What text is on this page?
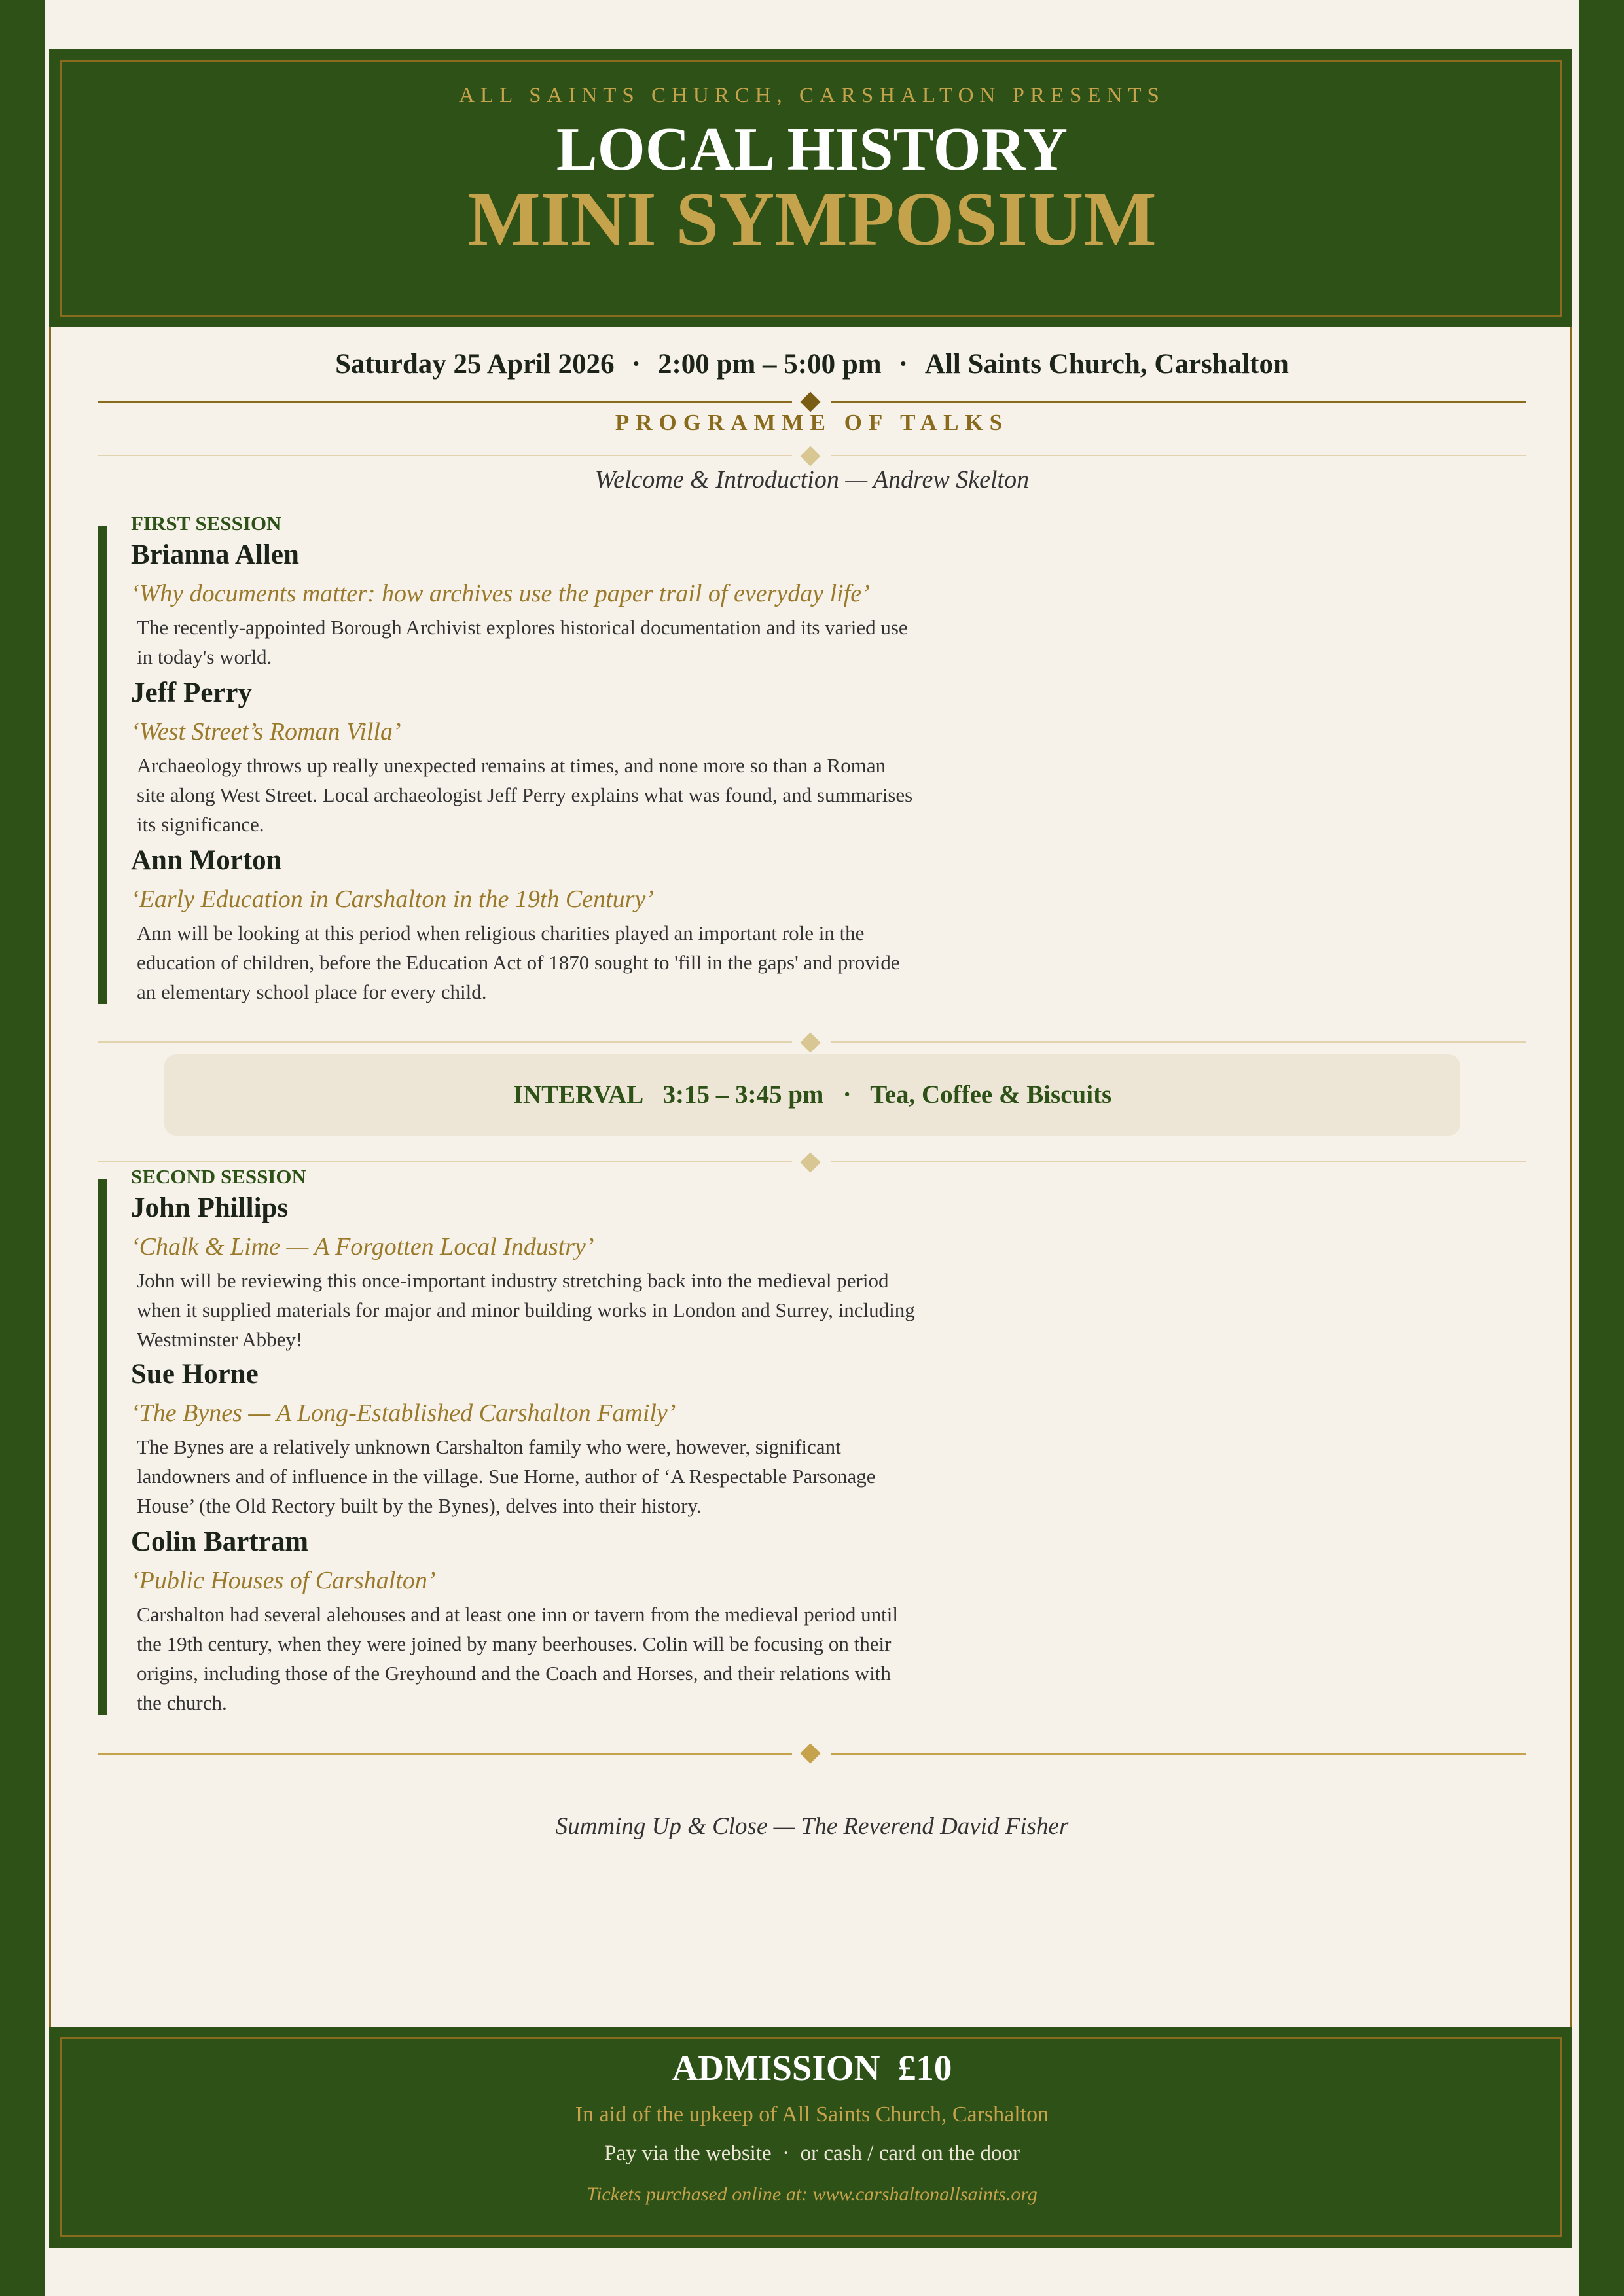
ALL SAINTS CHURCH, CARSHALTON PRESENTS
LOCAL HISTORY
MINI SYMPOSIUM
Saturday 25 April 2026 · 2:00 pm – 5:00 pm · All Saints Church, Carshalton
PROGRAMME OF TALKS
Welcome & Introduction — Andrew Skelton
FIRST SESSION
Brianna Allen
‘Why documents matter: how archives use the paper trail of everyday life’
The recently-appointed Borough Archivist explores historical documentation and its varied use in today's world.
Jeff Perry
‘West Street’s Roman Villa’
Archaeology throws up really unexpected remains at times, and none more so than a Roman site along West Street. Local archaeologist Jeff Perry explains what was found, and summarises its significance.
Ann Morton
‘Early Education in Carshalton in the 19th Century’
Ann will be looking at this period when religious charities played an important role in the education of children, before the Education Act of 1870 sought to 'fill in the gaps' and provide an elementary school place for every child.
INTERVAL 3:15 – 3:45 pm · Tea, Coffee & Biscuits
SECOND SESSION
John Phillips
‘Chalk & Lime — A Forgotten Local Industry’
John will be reviewing this once-important industry stretching back into the medieval period when it supplied materials for major and minor building works in London and Surrey, including Westminster Abbey!
Sue Horne
‘The Bynes — A Long-Established Carshalton Family’
The Bynes are a relatively unknown Carshalton family who were, however, significant landowners and of influence in the village. Sue Horne, author of ‘A Respectable Parsonage House’ (the Old Rectory built by the Bynes), delves into their history.
Colin Bartram
‘Public Houses of Carshalton’
Carshalton had several alehouses and at least one inn or tavern from the medieval period until the 19th century, when they were joined by many beerhouses. Colin will be focusing on their origins, including those of the Greyhound and the Coach and Horses, and their relations with the church.
Summing Up & Close — The Reverend David Fisher
ADMISSION  £10
In aid of the upkeep of All Saints Church, Carshalton
Pay via the website  ·  or cash / card on the door
Tickets purchased online at: www.carshaltonallsaints.org
